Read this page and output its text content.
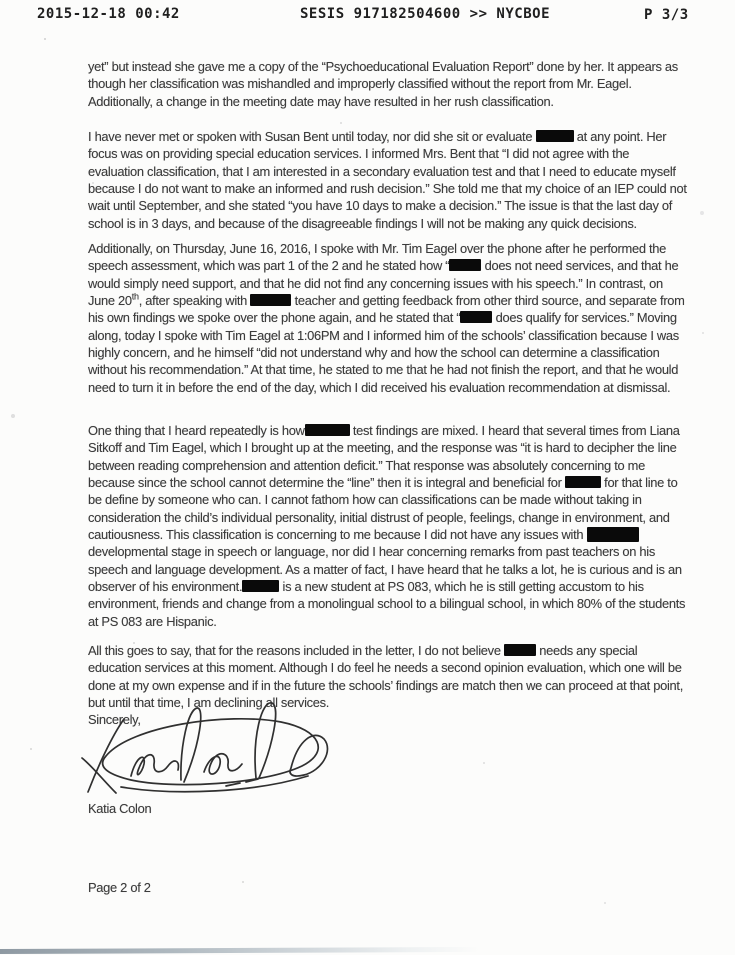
2015-12-18 00:42	SESIS 917182504600 >> NYCBOE	P 3/3

yet” but instead she gave me a copy of the “Psychoeducational Evaluation Report” done by her. It appears as though her classification was mishandled and improperly classified without the report from Mr. Eagel. Additionally, a change in the meeting date may have resulted in her rush classification.

I have never met or spoken with Susan Bent until today, nor did she sit or evaluate	at any point. Her focus was on providing special education services. I informed Mrs. Bent that “I did not agree with the evaluation classification, that I am interested in a secondary evaluation test and that I need to educate myself because I do not want to make an informed and rush decision.” She told me that my choice of an IEP could not wait until September, and she stated “you have 10 days to make a decision.” The issue is that the last day of school is in 3 days, and because of the disagreeable findings I will not be making any quick decisions.

Additionally, on Thursday, June 16, 2016, I spoke with Mr. Tim Eagel over the phone after he performed the speech assessment, which was part 1 of the 2 and he stated how “ does not need services, and that he would simply need support, and that he did not find any concerning issues with his speech.” In contrast, on June 20th, after speaking with	teacher and getting feedback from other third source, and separate from his own findings we spoke over the phone again, and he stated that “ does qualify for services.” Moving along, today I spoke with Tim Eagel at 1:06PM and I informed him of the schools’ classification because I was highly concern, and he himself “did not understand why and how the school can determine a classification without his recommendation.” At that time, he stated to me that he had not finish the report, and that he would need to turn it in before the end of the day, which I did received his evaluation recommendation at dismissal.

One thing that I heard repeatedly is how	test findings are mixed. I heard that several times from Liana Sitkoff and Tim Eagel, which I brought up at the meeting, and the response was “it is hard to decipher the line between reading comprehension and attention deficit.” That response was absolutely concerning to me because since the school cannot determine the “line” then it is integral and beneficial for	for that line to be define by someone who can. I cannot fathom how can classifications can be made without taking in consideration the child’s individual personality, initial distrust of people, feelings, change in environment, and cautiousness. This classification is concerning to me because I did not have any issues with  developmental stage in speech or language, nor did I hear concerning remarks from past teachers on his speech and language development. As a matter of fact, I have heard that he talks a lot, he is curious and is an observer of his environment.	is a new student at PS 083, which he is still getting accustom to his environment, friends and change from a monolingual school to a bilingual school, in which 80% of the students at PS 083 are Hispanic.

All this goes to say, that for the reasons included in the letter, I do not believe  needs any special education services at this moment. Although I do feel he needs a second opinion evaluation, which one will be done at my own expense and if in the future the schools’ findings are match then we can proceed at that point, but until that time, I am declining all services.

Sincerely,
Katia Colon
Page 2 of 2
